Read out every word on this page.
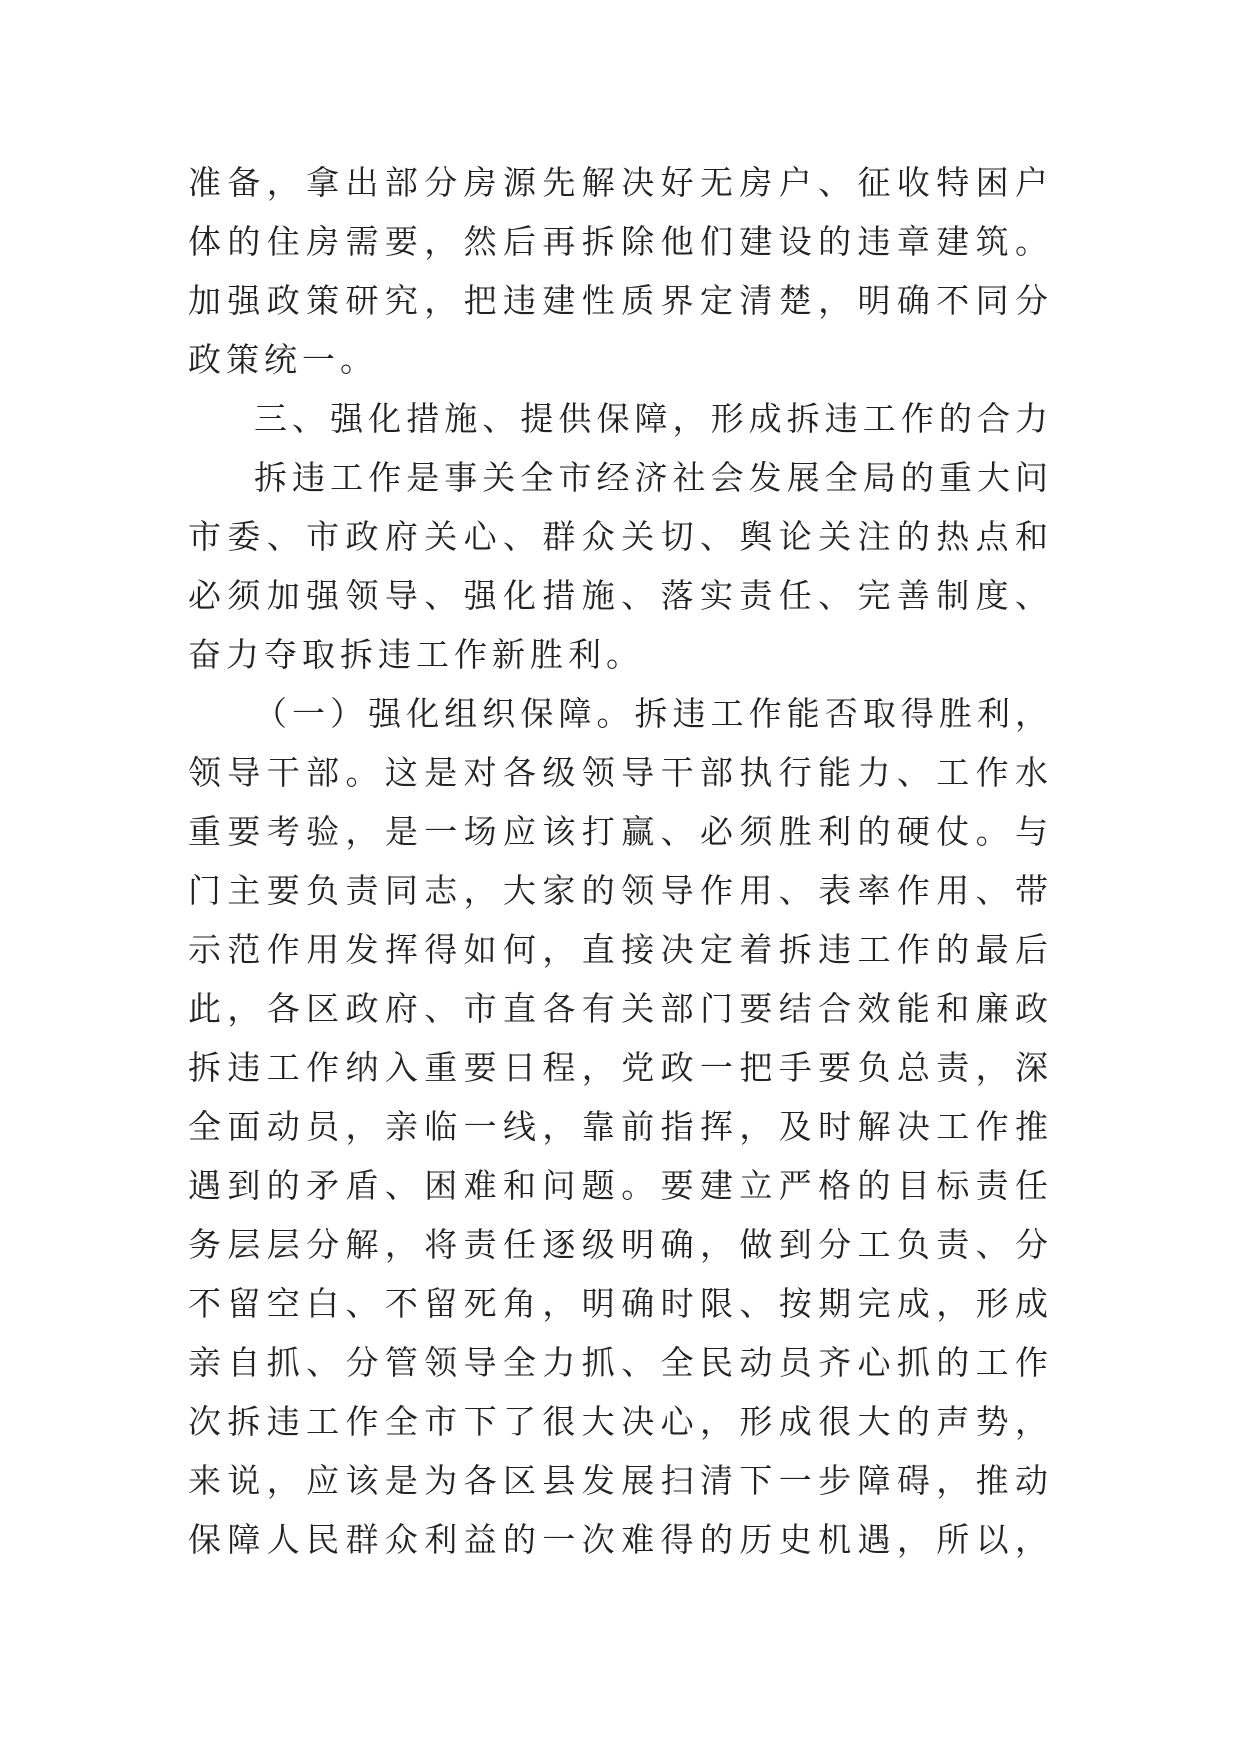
准备，拿出部分房源先解决好无房户、征收特困户
体的住房需要，然后再拆除他们建设的违章建筑。
加强政策研究，把违建性质界定清楚，明确不同分
政策统一。
三、强化措施、提供保障，形成拆违工作的合力
拆违工作是事关全市经济社会发展全局的重大问
市委、市政府关心、群众关切、舆论关注的热点和
必须加强领导、强化措施、落实责任、完善制度、
奋力夺取拆违工作新胜利。
（一）强化组织保障。拆违工作能否取得胜利，
领导干部。这是对各级领导干部执行能力、工作水
重要考验，是一场应该打赢、必须胜利的硬仗。与
门主要负责同志，大家的领导作用、表率作用、带
示范作用发挥得如何，直接决定着拆违工作的最后
此，各区政府、市直各有关部门要结合效能和廉政
拆违工作纳入重要日程，党政一把手要负总责，深
全面动员，亲临一线，靠前指挥，及时解决工作推
遇到的矛盾、困难和问题。要建立严格的目标责任
务层层分解，将责任逐级明确，做到分工负责、分
不留空白、不留死角，明确时限、按期完成，形成
亲自抓、分管领导全力抓、全民动员齐心抓的工作
次拆违工作全市下了很大决心，形成很大的声势，
来说，应该是为各区县发展扫清下一步障碍，推动
保障人民群众利益的一次难得的历史机遇，所以，
